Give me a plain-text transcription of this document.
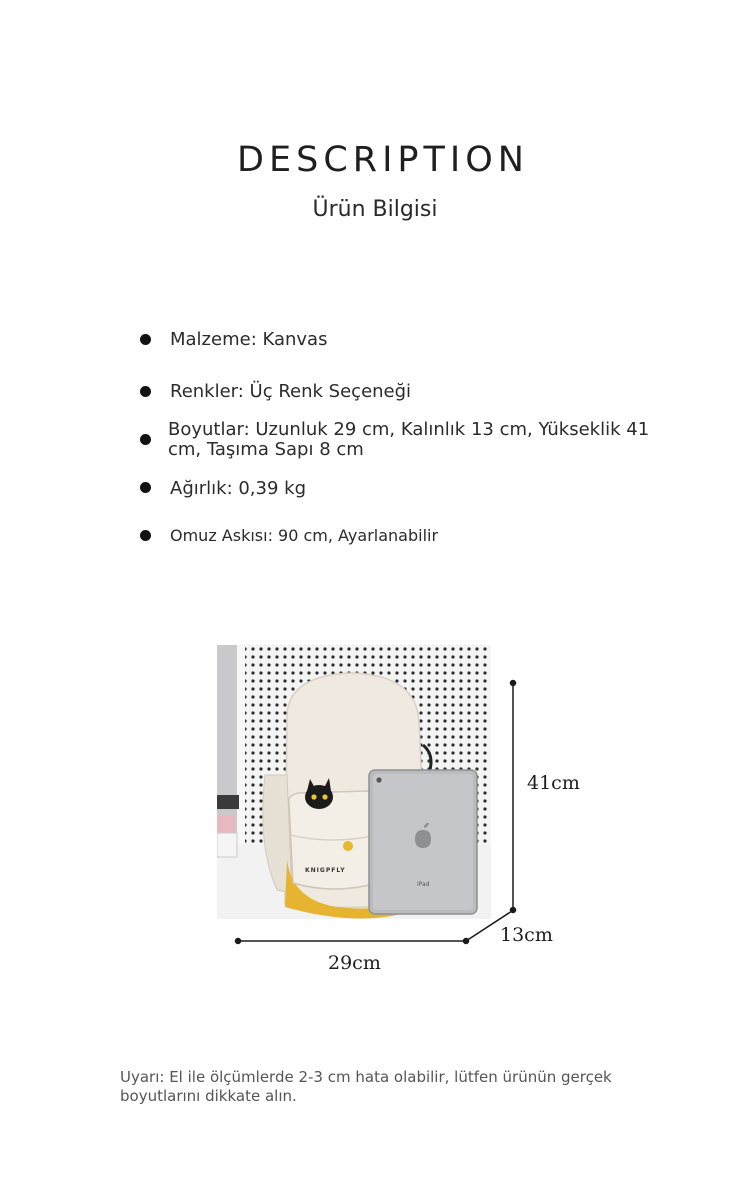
DESCRIPTION
Ürün Bilgisi
Malzeme: Kanvas
Renkler: Üç Renk Seçeneği
Boyutlar: Uzunluk 29 cm, Kalınlık 13 cm, Yükseklik 41 cm, Taşıma Sapı 8 cm
Ağırlık: 0,39 kg
Omuz Askısı: 90 cm, Ayarlanabilir
KNIGPFLY
iPad
41cm
13cm
29cm
Uyarı: El ile ölçümlerde 2-3 cm hata olabilir, lütfen ürünün gerçek boyutlarını dikkate alın.
